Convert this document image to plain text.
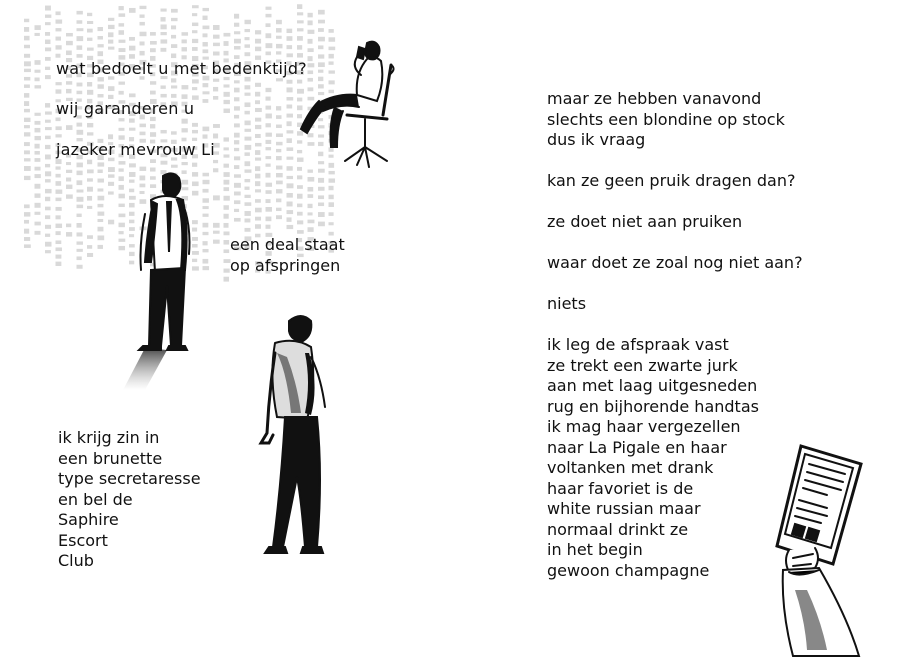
wat bedoelt u met bedenktijd?

wij garanderen u

jazeker mevrouw Li

een deal staat
op afspringen
ik krijg zin in
een brunette
type secretaresse
en bel de
Saphire
Escort
Club
maar ze hebben vanavond
slechts een blondine op stock
dus ik vraag
kan ze geen pruik dragen dan?
ze doet niet aan pruiken
waar doet ze zoal nog niet aan?
niets
ik leg de afspraak vast
ze trekt een zwarte jurk
aan met laag uitgesneden
rug en bijhorende handtas
ik mag haar vergezellen
naar La Pigale en haar
voltanken met drank
haar favoriet is de
white russian maar
normaal drinkt ze
in het begin
gewoon champagne
